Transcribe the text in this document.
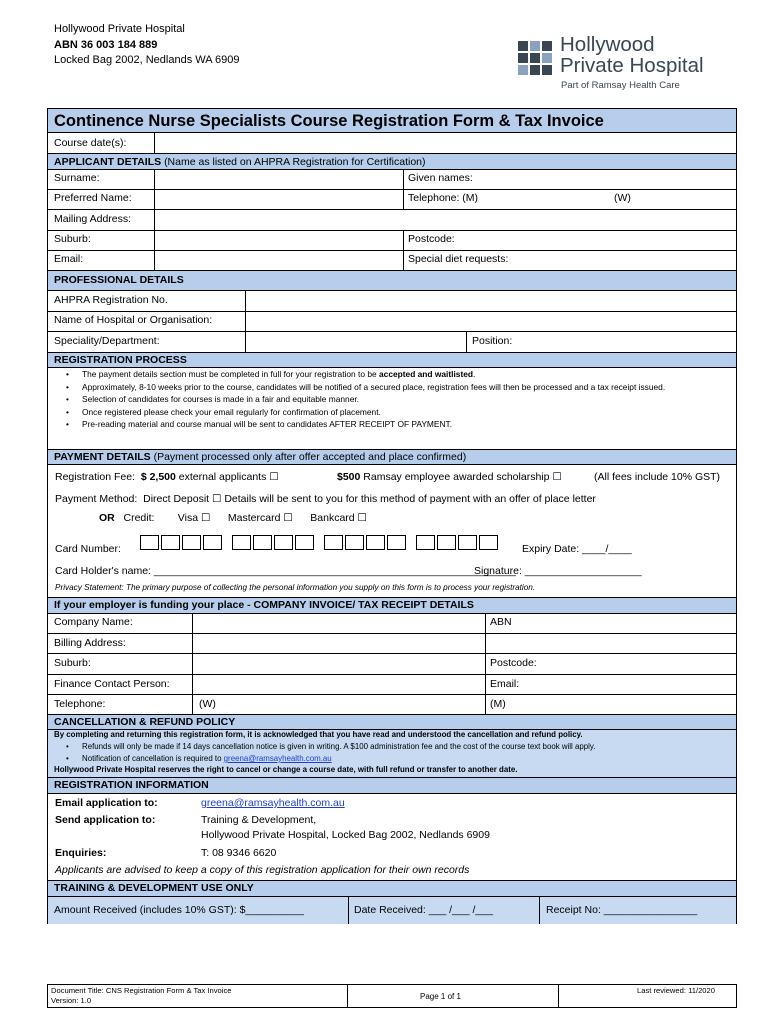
Hollywood Private Hospital
ABN 36 003 184 889
Locked Bag 2002, Nedlands WA 6909
Hollywood
Private Hospital
Part of Ramsay Health Care
Continence Nurse Specialists Course Registration Form & Tax Invoice
Course date(s):
APPLICANT DETAILS (Name as listed on AHPRA Registration for Certification)
Surname:	Given names:
Preferred Name:	Telephone: (M)	(W)
Mailing Address:
Suburb:	Postcode:
Email:	Special diet requests:
PROFESSIONAL DETAILS
AHPRA Registration No.
Name of Hospital or Organisation:
Speciality/Department:	Position:
REGISTRATION PROCESS
• The payment details section must be completed in full for your registration to be accepted and waitlisted.
• Approximately, 8-10 weeks prior to the course, candidates will be notified of a secured place, registration fees will then be processed and a tax receipt issued.
• Selection of candidates for courses is made in a fair and equitable manner.
• Once registered please check your email regularly for confirmation of placement.
• Pre-reading material and course manual will be sent to candidates AFTER RECEIPT OF PAYMENT.
PAYMENT DETAILS (Payment processed only after offer accepted and place confirmed)
Registration Fee: $ 2,500 external applicants ☐	$500 Ramsay employee awarded scholarship ☐	(All fees include 10% GST)
Payment Method: Direct Deposit ☐ Details will be sent to you for this method of payment with an offer of place letter
OR Credit: Visa ☐ Mastercard ☐ Bankcard ☐
Card Number:	Expiry Date: ____/____
Card Holder's name: ______________________________________________________________
Signature: ____________________
Privacy Statement: The primary purpose of collecting the personal information you supply on this form is to process your registration.
If your employer is funding your place - COMPANY INVOICE/ TAX RECEIPT DETAILS
Company Name:	ABN
Billing Address:
Suburb:	Postcode:
Finance Contact Person:	Email:
Telephone:	(W)	(M)
CANCELLATION & REFUND POLICY
By completing and returning this registration form, it is acknowledged that you have read and understood the cancellation and refund policy.
• Refunds will only be made if 14 days cancellation notice is given in writing. A $100 administration fee and the cost of the course text book will apply.
• Notification of cancellation is required to greena@ramsayhealth.com.au
Hollywood Private Hospital reserves the right to cancel or change a course date, with full refund or transfer to another date.
REGISTRATION INFORMATION
Email application to:	greena@ramsayhealth.com.au
Send application to:	Training & Development,
Hollywood Private Hospital, Locked Bag 2002, Nedlands 6909
Enquiries:	T: 08 9346 6620
Applicants are advised to keep a copy of this registration application for their own records
TRAINING & DEVELOPMENT USE ONLY
Amount Received (includes 10% GST): $__________	Date Received: ___ /___ /___	Receipt No: ________________
Document Title: CNS Registration Form & Tax Invoice
Version: 1.0	Page 1 of 1
Last reviewed: 11/2020
